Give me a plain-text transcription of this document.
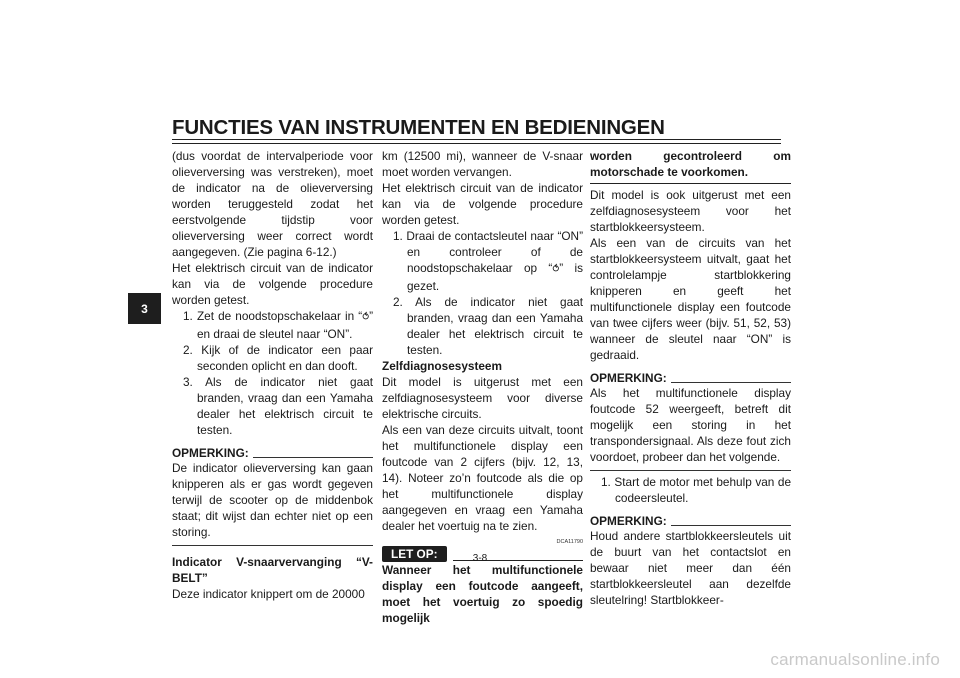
FUNCTIES VAN INSTRUMENTEN EN BEDIENINGEN
3

(dus voordat de intervalperiode voor olieverversing was verstreken), moet de indicator na de olieverversing worden teruggesteld zodat het eerstvolgende tijdstip voor olieverversing weer correct wordt aangegeven. (Zie pagina 6-12.)

Het elektrisch circuit van de indicator kan via de volgende procedure worden getest.

1. Zet de noodstopschakelaar in “⥀” en draai de sleutel naar “ON”.
2. Kijk of de indicator een paar seconden oplicht en dan dooft.
3. Als de indicator niet gaat branden, vraag dan een Yamaha dealer het elektrisch circuit te testen.
OPMERKING:

De indicator olieverversing kan gaan knipperen als er gas wordt gegeven terwijl de scooter op de middenbok staat; dit wijst dan echter niet op een storing.

Indicator V-snaarvervanging “V-BELT”

Deze indicator knippert om de 20000

km (12500 mi), wanneer de V-snaar moet worden vervangen.

Het elektrisch circuit van de indicator kan via de volgende procedure worden getest.

1. Draai de contactsleutel naar “ON” en controleer of de noodstopschakelaar op “⥀” is gezet.
2. Als de indicator niet gaat branden, vraag dan een Yamaha dealer het elektrisch circuit te testen.

Zelfdiagnosesysteem

Dit model is uitgerust met een zelfdiagnosesysteem voor diverse elektrische circuits.

Als een van deze circuits uitvalt, toont het multifunctionele display een foutcode van 2 cijfers (bijv. 12, 13, 14). Noteer zo’n foutcode als die op het multifunctionele display aangegeven en vraag een Yamaha dealer het voertuig na te zien.

DCA11790
LET OP:

Wanneer het multifunctionele display een foutcode aangeeft, moet het voertuig zo spoedig mogelijk

worden gecontroleerd om motorschade te voorkomen.

Dit model is ook uitgerust met een zelfdiagnosesysteem voor het startblokkeersysteem.

Als een van de circuits van het startblokkeersysteem uitvalt, gaat het controlelampje startblokkering knipperen en geeft het multifunctionele display een foutcode van twee cijfers weer (bijv. 51, 52, 53) wanneer de sleutel naar “ON” is gedraaid.

OPMERKING:

Als het multifunctionele display foutcode 52 weergeeft, betreft dit mogelijk een storing in het transpondersignaal. Als deze fout zich voordoet, probeer dan het volgende.

1. Start de motor met behulp van de codeersleutel.
OPMERKING:

Houd andere startblokkeersleutels uit de buurt van het contactslot en bewaar niet meer dan één startblokkeersleutel aan dezelfde sleutelring! Startblokkeer-

3-8
carmanualsonline.info
